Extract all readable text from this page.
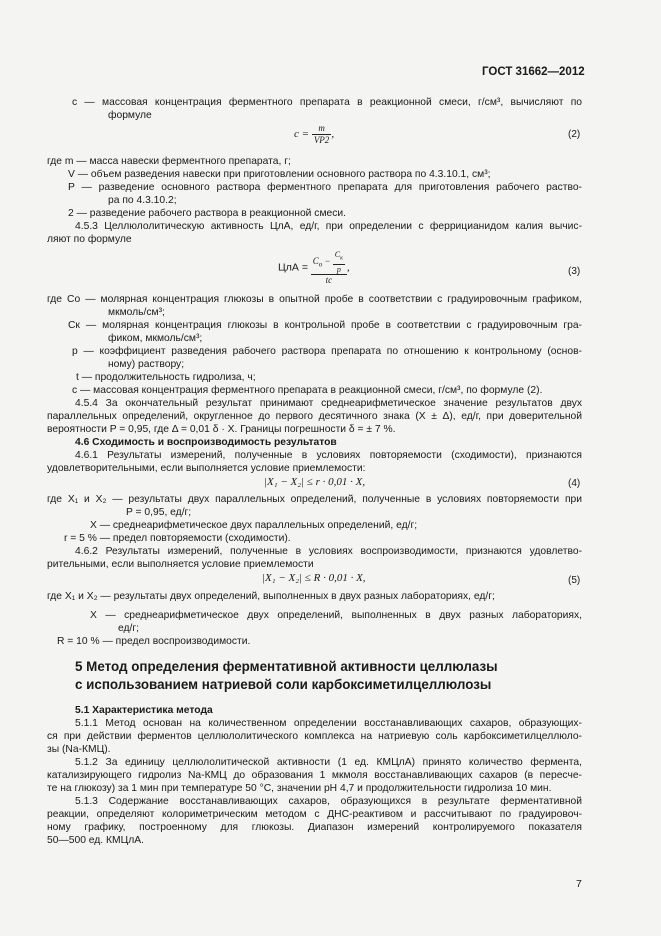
ГОСТ 31662—2012
c — массовая концентрация ферментного препарата в реакционной смеси, г/см³, вычисляют по
формуле
$c = \frac{m}{VP2}$ ,	(2)
где m — масса навески ферментного препарата, г;
V — объем разведения навески при приготовлении основного раствора по 4.3.10.1, см³;
P — разведение основного раствора ферментного препарата для приготовления рабочего раство-
ра по 4.3.10.2;
2 — разведение рабочего раствора в реакционной смеси.
4.5.3 Целлюлолитическую активность ЦлА, ед/г, при определении с феррицианидом калия вычис-
ляют по формуле
ЦлА = $\frac{C_о - \frac{C_к}{p}}{tc}$ ,	(3)
где Cо — молярная концентрация глюкозы в опытной пробе в соответствии с градуировочным графиком,
мкмоль/см³;
Cк — молярная концентрация глюкозы в контрольной пробе в соответствии с градуировочным гра-
фиком, мкмоль/см³;
p — коэффициент разведения рабочего раствора препарата по отношению к контрольному (основ-
ному) раствору;
t — продолжительность гидролиза, ч;
c — массовая концентрация ферментного препарата в реакционной смеси, г/см³, по формуле (2).
4.5.4 За окончательный результат принимают среднеарифметическое значение результатов двух
параллельных определений, округленное до первого десятичного знака (X ± Δ), ед/г, при доверительной
вероятности P = 0,95, где Δ = 0,01 δ · X. Границы погрешности δ = ± 7 %.
4.6 Сходимость и воспроизводимость результатов
4.6.1 Результаты измерений, полученные в условиях повторяемости (сходимости), признаются
удовлетворительными, если выполняется условие приемлемости:
|X₁ − X₂| ≤ r · 0,01 · X,	(4)
где X₁ и X₂ — результаты двух параллельных определений, полученные в условиях повторяемости при
P = 0,95, ед/г;
X — среднеарифметическое двух параллельных определений, ед/г;
r = 5 % — предел повторяемости (сходимости).
4.6.2 Результаты измерений, полученные в условиях воспроизводимости, признаются удовлетво-
рительными, если выполняется условие приемлемости
|X₁ − X₂| ≤ R · 0,01 · X,	(5)
где X₁ и X₂ — результаты двух определений, выполненных в двух разных лабораториях, ед/г;
X — среднеарифметическое двух определений, выполненных в двух разных лабораториях,
ед/г;
R = 10 % — предел воспроизводимости.
5 Метод определения ферментативной активности целлюлазы
с использованием натриевой соли карбоксиметилцеллюлозы
5.1 Характеристика метода
5.1.1 Метод основан на количественном определении восстанавливающих сахаров, образующих-
ся при действии ферментов целлюлолитического комплекса на натриевую соль карбоксиметилцеллюло-
зы (Na-КМЦ).
5.1.2 За единицу целлюлолитической активности (1 ед. КМЦлА) принято количество фермента,
катализирующего гидролиз Na-КМЦ до образования 1 мкмоля восстанавливающих сахаров (в пересче-
те на глюкозу) за 1 мин при температуре 50 °С, значении pH 4,7 и продолжительности гидролиза 10 мин.
5.1.3 Содержание восстанавливающих сахаров, образующихся в результате ферментативной
реакции, определяют колориметрическим методом с ДНС-реактивом и рассчитывают по градуировоч-
ному графику, построенному для глюкозы. Диапазон измерений контролируемого показателя
50—500 ед. КМЦлА.
7
